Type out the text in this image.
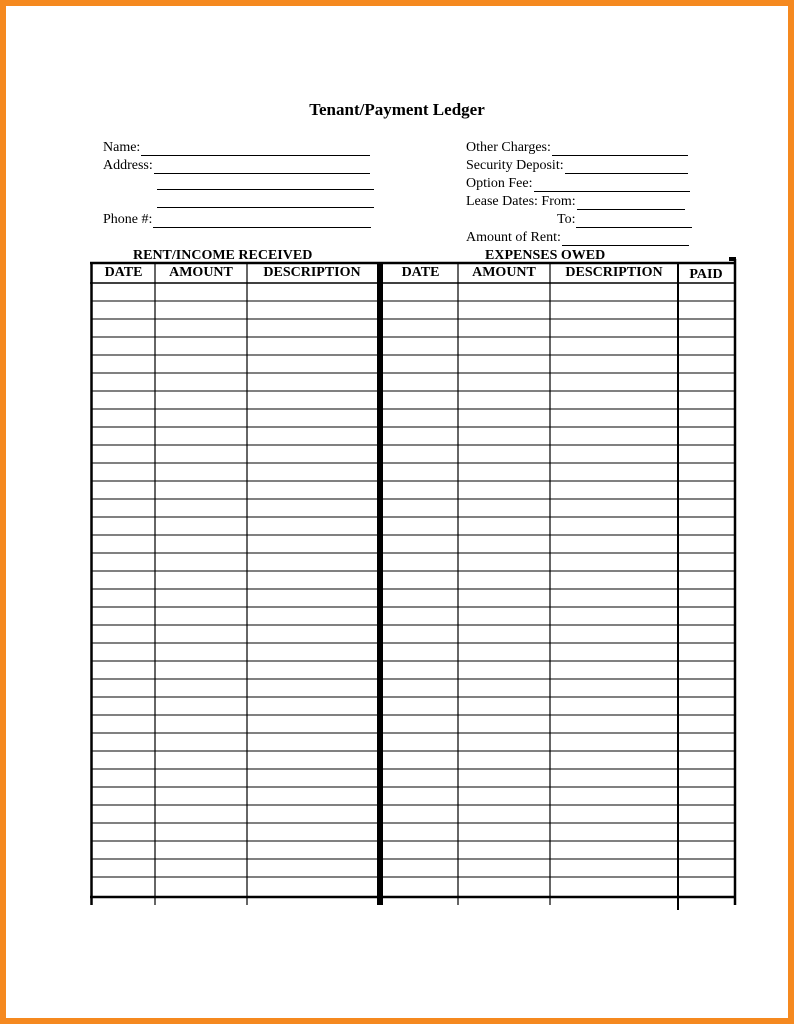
Tenant/Payment Ledger
Name:
Address:
Phone #:
Other Charges:
Security Deposit:
Option Fee:
Lease Dates: From:
To:
Amount of Rent:
RENT/INCOME RECEIVED	EXPENSES OWED
DATE	AMOUNT	DESCRIPTION	DATE	AMOUNT	DESCRIPTION	PAID
